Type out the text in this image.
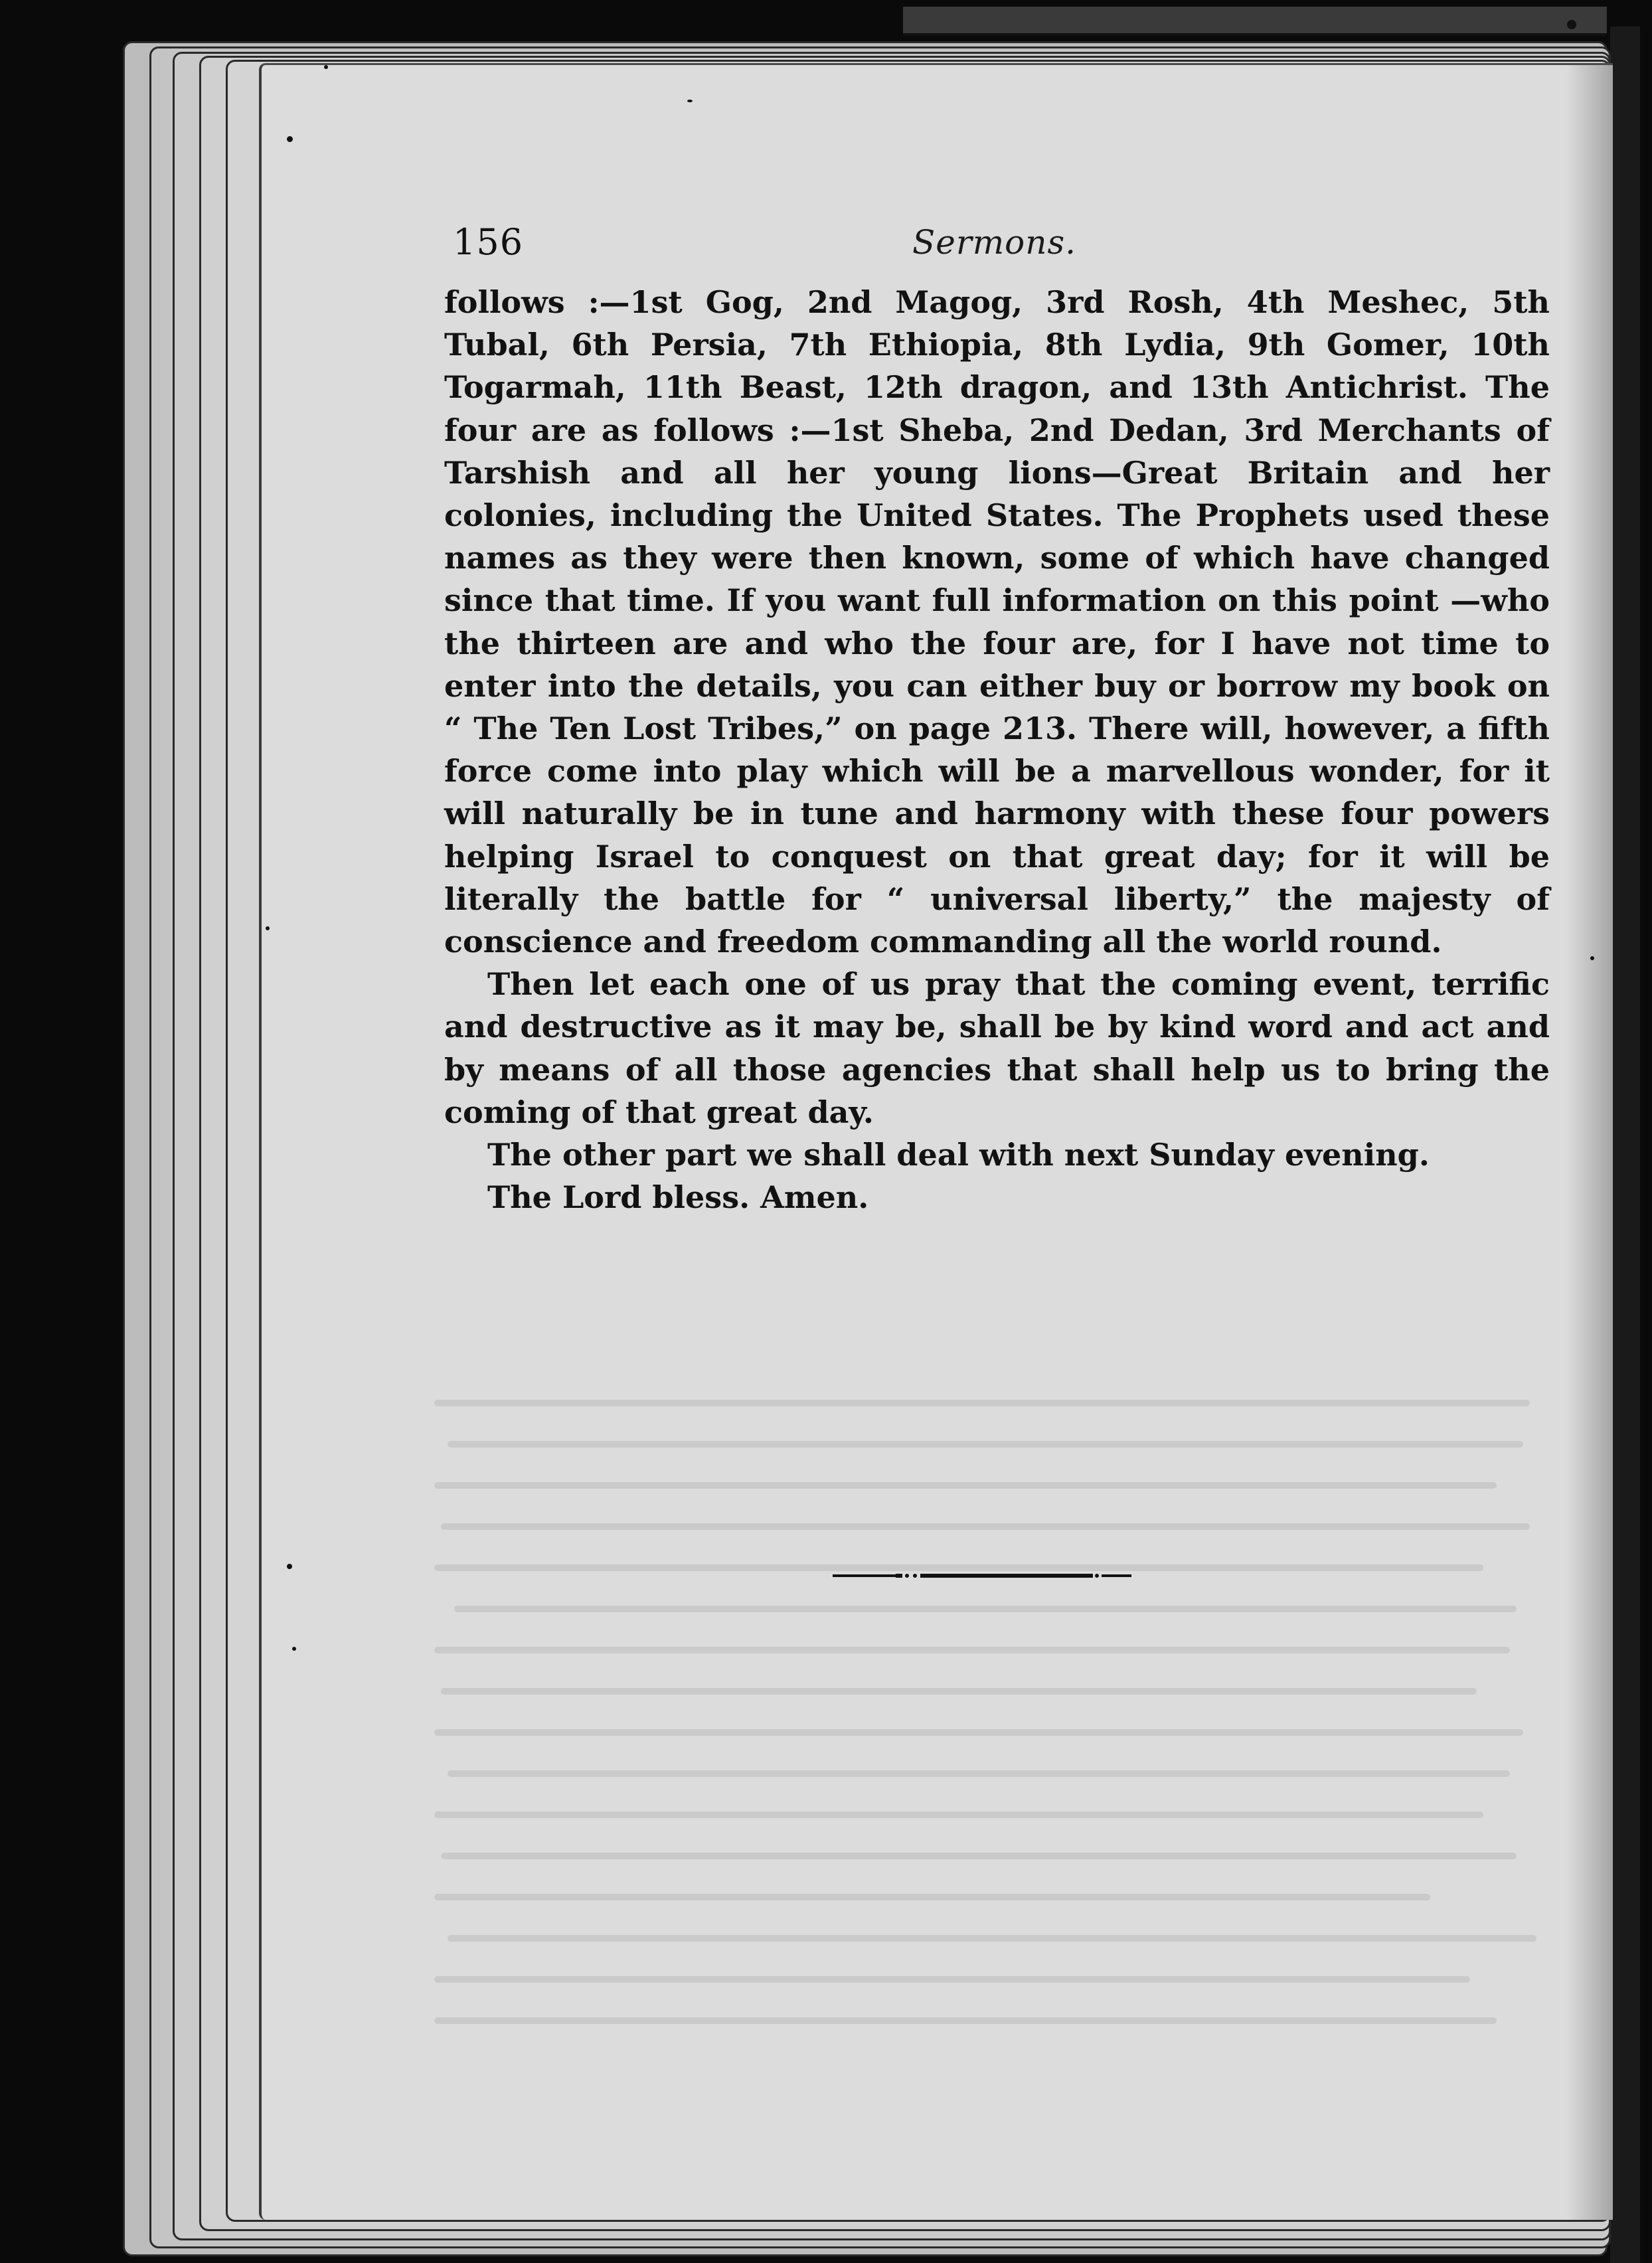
156	Sermons.

follows :—1st Gog, 2nd Magog, 3rd Rosh, 4th Meshec, 5th Tubal, 6th Persia, 7th Ethiopia, 8th Lydia, 9th Gomer, 10th Togarmah, 11th Beast, 12th dragon, and 13th Antichrist. The four are as follows :—1st Sheba, 2nd Dedan, 3rd Merchants of Tarshish and all her young lions—Great Britain and her colonies, including the United States. The Prophets used these names as they were then known, some of which have changed since that time. If you want full information on this point —who the thirteen are and who the four are, for I have not time to enter into the details, you can either buy or borrow my book on “ The Ten Lost Tribes,” on page 213. There will, however, a fifth force come into play which will be a marvellous wonder, for it will naturally be in tune and harmony with these four powers helping Israel to conquest on that great day; for it will be literally the battle for “ universal liberty,” the majesty of conscience and freedom commanding all the world round.

Then let each one of us pray that the coming event, terrific and destructive as it may be, shall be by kind word and act and by means of all those agencies that shall help us to bring the coming of that great day.

The other part we shall deal with next Sunday evening.

The Lord bless. Amen.
